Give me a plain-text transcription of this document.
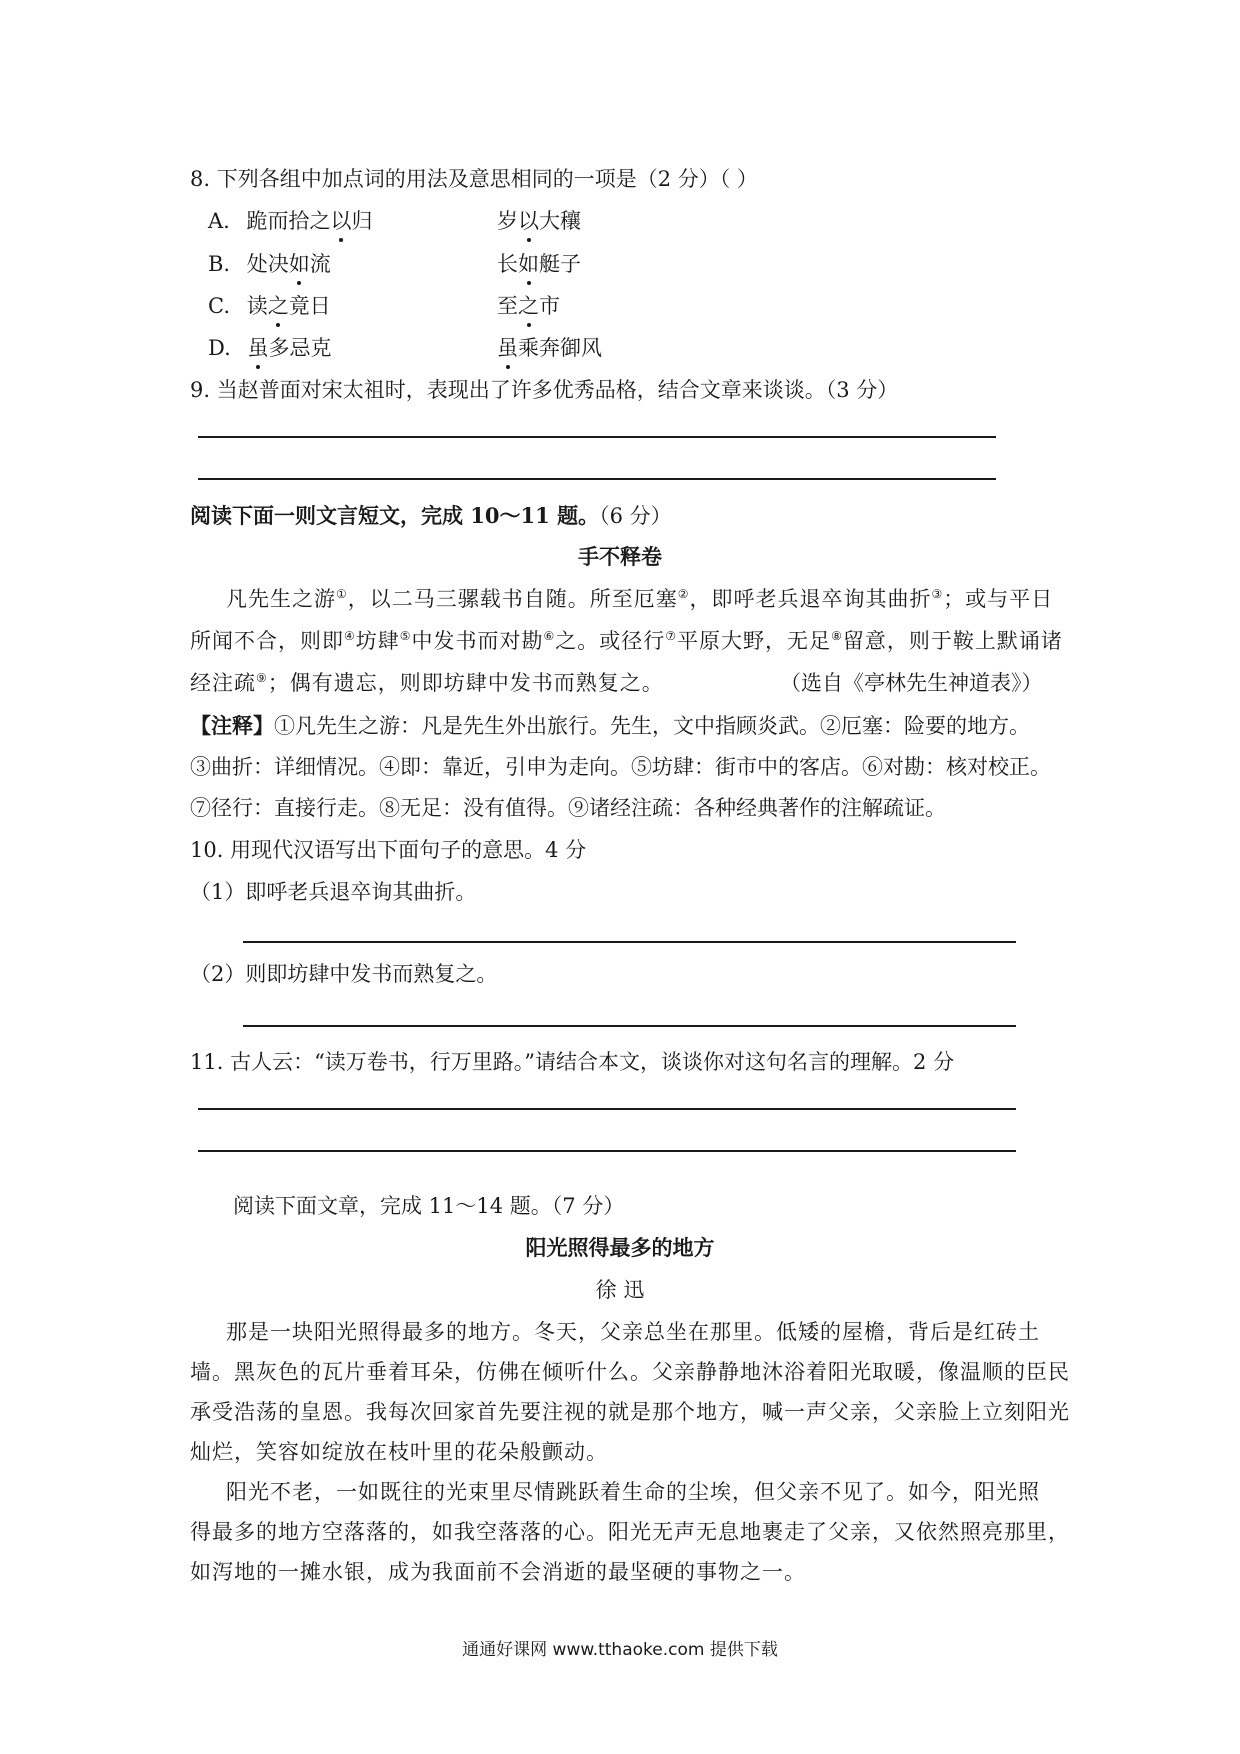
8. 下列各组中加点词的用法及意思相同的一项是（2 分）（ ）
A. 跪而拾之以归	岁以大穰
B. 处决如流	长如艇子
C. 读之竟日	至之市
D. 虽多忌克	虽乘奔御风
9. 当赵普面对宋太祖时，表现出了许多优秀品格，结合文章来谈谈。（3 分）
阅读下面一则文言短文，完成 10～11 题。（6 分）
手不释卷
凡先生之游①，以二马三骡载书自随。所至厄塞②，即呼老兵退卒询其曲折③；或与平日
所闻不合，则即④坊肆⑤中发书而对勘⑥之。或径行⑦平原大野，无足⑧留意，则于鞍上默诵诸
经注疏⑨；偶有遗忘，则即坊肆中发书而熟复之。	（选自《亭林先生神道表》）
【注释】①凡先生之游：凡是先生外出旅行。先生，文中指顾炎武。②厄塞：险要的地方。
③曲折：详细情况。④即：靠近，引申为走向。⑤坊肆：街市中的客店。⑥对勘：核对校正。
⑦径行：直接行走。⑧无足：没有值得。⑨诸经注疏：各种经典著作的注解疏证。
10. 用现代汉语写出下面句子的意思。4 分
（1）即呼老兵退卒询其曲折。
（2）则即坊肆中发书而熟复之。
11. 古人云：“读万卷书，行万里路。”请结合本文，谈谈你对这句名言的理解。2 分
阅读下面文章，完成 11～14 题。（7 分）
阳光照得最多的地方
徐 迅
那是一块阳光照得最多的地方。冬天，父亲总坐在那里。低矮的屋檐，背后是红砖土
墙。黑灰色的瓦片垂着耳朵，仿佛在倾听什么。父亲静静地沐浴着阳光取暖，像温顺的臣民
承受浩荡的皇恩。我每次回家首先要注视的就是那个地方，喊一声父亲，父亲脸上立刻阳光
灿烂，笑容如绽放在枝叶里的花朵般颤动。
阳光不老，一如既往的光束里尽情跳跃着生命的尘埃，但父亲不见了。如今，阳光照
得最多的地方空落落的，如我空落落的心。阳光无声无息地裹走了父亲，又依然照亮那里，
如泻地的一摊水银，成为我面前不会消逝的最坚硬的事物之一。
通通好课网 www.tthaoke.com 提供下载
